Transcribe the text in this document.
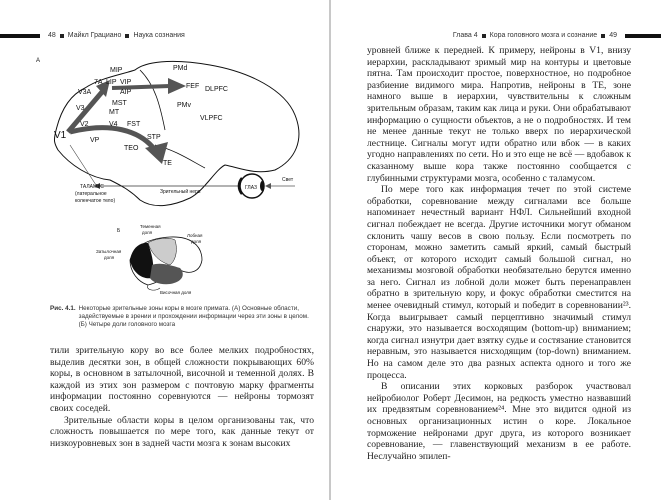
48 Майкл Грациано Наука сознания
А
MIP	PMd
7A LIP VIP
FEF DLPFC
V3A	AIP
V3
MST	PMv
MT
VLPFC
V2	V4 FST
V1	VP	STP
TEO
TE
Зрительный нерв
ТАЛАМУС
(латеральное
коленчатое тело)
ГЛАЗ
Свет
Б
Теменная
доля
Лобная
доля
Затылочная
доля
Височная доля
Рис. 4.1. Некоторые зрительные зоны коры в мозге примата. (А) Основные области, задействуемые в зрении и прохождении информации через эти зоны в целом. (Б) Четыре доли головного мозга

тили зрительную кору во все более мелких подробностях, выделив десятки зон, в общей сложности покрывающих 60% коры, в основном в затылочной, височной и теменной долях. В каждой из этих зон размером с почтовую марку фрагменты информации постоянно соревнуются — нейроны тормозят своих соседей.

Зрительные области коры в целом организованы так, что сложность повышается по мере того, как данные текут от низкоуровневых зон в задней части мозга к зонам высоких

Глава 4 Кора головного мозга и сознание 49

уровней ближе к передней. К примеру, нейроны в V1, внизу иерархии, раскладывают зримый мир на контуры и цветовые пятна. Там происходит простое, поверхностное, но подробное разбиение видимого мира. Напротив, нейроны в TE, зоне намного выше в иерархии, чувствительны к сложным зрительным образам, таким как лица и руки. Они обрабатывают информацию о сущности объектов, а не о подробностях. И тем не менее данные текут не только вверх по иерархической лестнице. Сигналы могут идти обратно или вбок — в каких угодно направлениях по сети. Но и это еще не всё — вдобавок к сказанному выше кора также постоянно сообщается с глубинными структурами мозга, особенно с таламусом.

По мере того как информация течет по этой системе обработки, соревнование между сигналами все больше напоминает нечестный вариант НФЛ. Сильнейший входной сигнал побеждает не всегда. Другие источники могут обманом склонить чашу весов в свою пользу. Если посмотреть по сторонам, можно заметить самый яркий, самый быстрый объект, от которого исходит самый большой сигнал, но механизмы мозговой обработки необязательно берутся именно за него. Сигнал из лобной доли может быть перенаправлен обратно в зрительную кору, и фокус обработки сместится на менее очевидный стимул, который и победит в соревновании²³. Когда выигрывает самый перцептивно значимый стимул снаружи, это называется восходящим (bottom-up) вниманием; когда сигнал изнутри дает взятку судье и состязание становится неравным, это называется нисходящим (top-down) вниманием. Но на самом деле это два разных аспекта одного и того же процесса.

В описании этих корковых разборок участвовал нейробиолог Роберт Десимон, на редкость уместно назвавший их предвзятым соревнованием²⁴. Мне это видится одной из основных организационных истин о коре. Локальное торможение нейронами друг друга, из которого возникает соревнование, — главенствующий механизм в ее работе. Неслучайно эпилеп-
